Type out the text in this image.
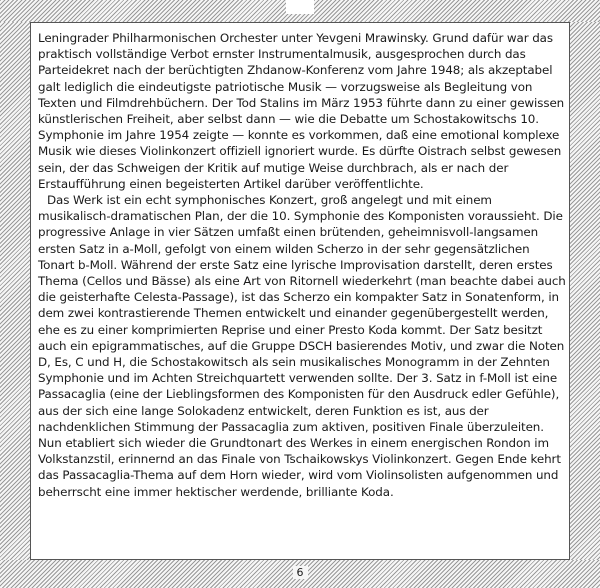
Leningrader Philharmonischen Orchester unter Yevgeni Mrawinsky. Grund dafür war das praktisch vollständige Verbot ernster Instrumentalmusik, ausgesprochen durch das Parteidekret nach der berüchtigten Zhdanow-Konferenz vom Jahre 1948; als akzeptabel galt lediglich die eindeutigste patriotische Musik — vorzugsweise als Begleitung von Texten und Filmdrehbüchern. Der Tod Stalins im März 1953 führte dann zu einer gewissen künstlerischen Freiheit, aber selbst dann — wie die Debatte um Schostakowitschs 10. Symphonie im Jahre 1954 zeigte — konnte es vorkommen, daß eine emotional komplexe Musik wie dieses Violinkonzert offiziell ignoriert wurde. Es dürfte Oistrach selbst gewesen sein, der das Schweigen der Kritik auf mutige Weise durchbrach, als er nach der Erstaufführung einen begeisterten Artikel darüber veröffentlichte.

Das Werk ist ein echt symphonisches Konzert, groß angelegt und mit einem musikalisch-dramatischen Plan, der die 10. Symphonie des Komponisten voraussieht. Die progressive Anlage in vier Sätzen umfaßt einen brütenden, geheimnisvoll-langsamen ersten Satz in a-Moll, gefolgt von einem wilden Scherzo in der sehr gegensätzlichen Tonart b-Moll. Während der erste Satz eine lyrische Improvisation darstellt, deren erstes Thema (Cellos und Bässe) als eine Art von Ritornell wiederkehrt (man beachte dabei auch die geisterhafte Celesta-Passage), ist das Scherzo ein kompakter Satz in Sonatenform, in dem zwei kontrastierende Themen entwickelt und einander gegenübergestellt werden, ehe es zu einer komprimierten Reprise und einer Presto Koda kommt. Der Satz besitzt auch ein epigrammatisches, auf die Gruppe DSCH basierendes Motiv, und zwar die Noten D, Es, C und H, die Schostakowitsch als sein musikalisches Monogramm in der Zehnten Symphonie und im Achten Streichquartett verwenden sollte. Der 3. Satz in f-Moll ist eine Passacaglia (eine der Lieblingsformen des Komponisten für den Ausdruck edler Gefühle), aus der sich eine lange Solokadenz entwickelt, deren Funktion es ist, aus der nachdenklichen Stimmung der Passacaglia zum aktiven, positiven Finale überzuleiten. Nun etabliert sich wieder die Grundtonart des Werkes in einem energischen Rondon im Volkstanzstil, erinnernd an das Finale von Tschaikowskys Violinkonzert. Gegen Ende kehrt das Passacaglia-Thema auf dem Horn wieder, wird vom Violinsolisten aufgenommen und beherrscht eine immer hektischer werdende, brilliante Koda.

6
